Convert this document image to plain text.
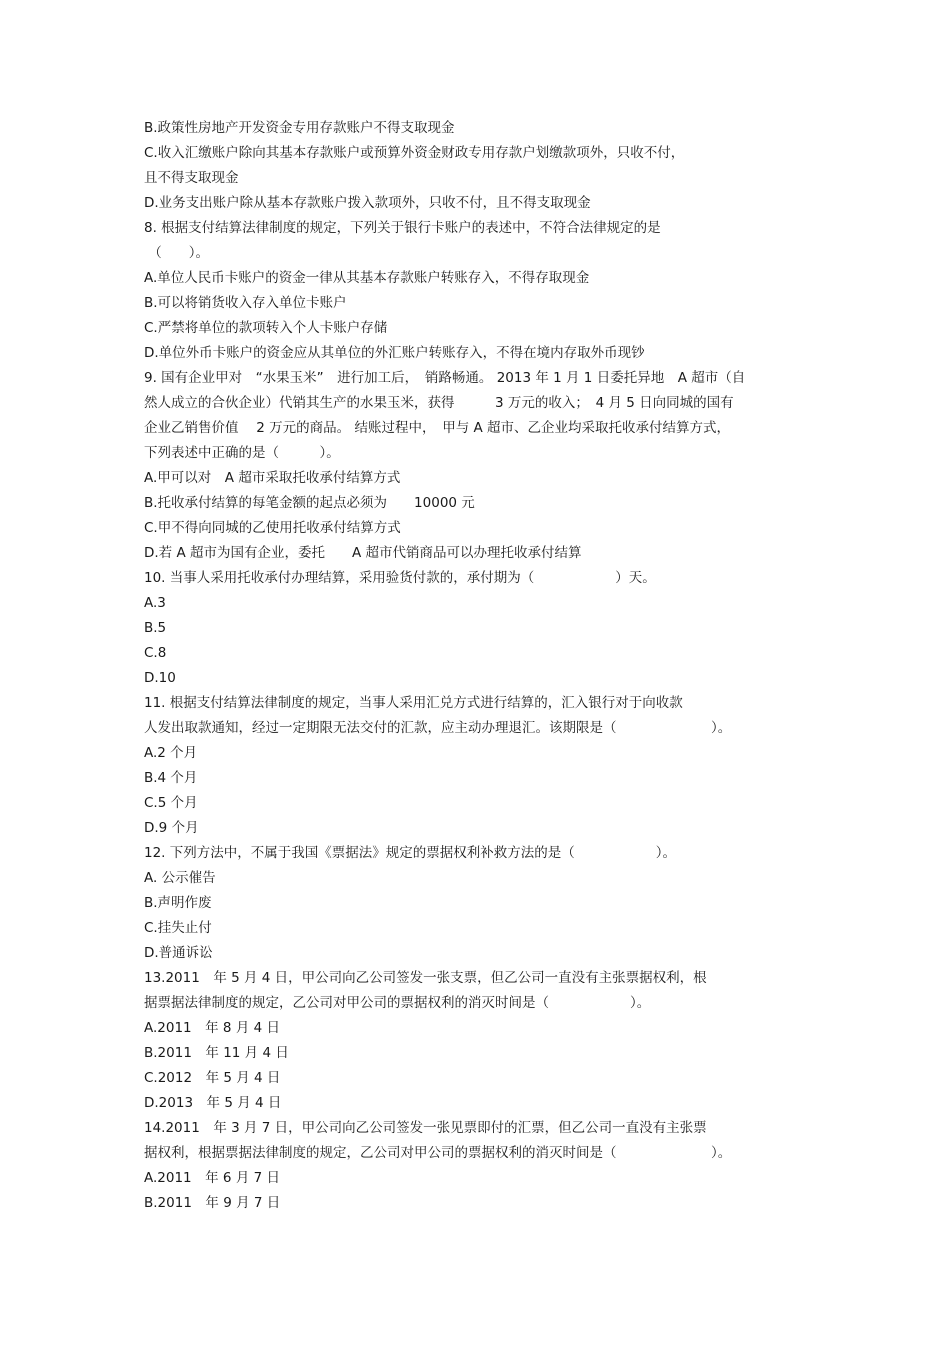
B.政策性房地产开发资金专用存款账户不得支取现金
C.收入汇缴账户除向其基本存款账户或预算外资金财政专用存款户划缴款项外，只收不付，
且不得支取现金
D.业务支出账户除从基本存款账户拨入款项外，只收不付，且不得支取现金
8. 根据支付结算法律制度的规定，下列关于银行卡账户的表述中，不符合法律规定的是
（　　）。
A.单位人民币卡账户的资金一律从其基本存款账户转账存入，不得存取现金
B.可以将销货收入存入单位卡账户
C.严禁将单位的款项转入个人卡账户存储
D.单位外币卡账户的资金应从其单位的外汇账户转账存入，不得在境内存取外币现钞
9. 国有企业甲对　“水果玉米”　进行加工后，　销路畅通。 2013 年 1 月 1 日委托异地　A 超市（自
然人成立的合伙企业）代销其生产的水果玉米，获得　　　3 万元的收入；　4 月 5 日向同城的国有
企业乙销售价值　 2 万元的商品。 结账过程中，　甲与 A 超市、乙企业均采取托收承付结算方式，
下列表述中正确的是（　　　）。
A.甲可以对　A 超市采取托收承付结算方式
B.托收承付结算的每笔金额的起点必须为　　10000 元
C.甲不得向同城的乙使用托收承付结算方式
D.若 A 超市为国有企业，委托　　A 超市代销商品可以办理托收承付结算
10. 当事人采用托收承付办理结算，采用验货付款的，承付期为（　　　　　　）天。
A.3
B.5
C.8
D.10
11. 根据支付结算法律制度的规定，当事人采用汇兑方式进行结算的，汇入银行对于向收款
人发出取款通知，经过一定期限无法交付的汇款，应主动办理退汇。该期限是（　　　　　　　）。
A.2 个月
B.4 个月
C.5 个月
D.9 个月
12. 下列方法中，不属于我国《票据法》规定的票据权利补救方法的是（　　　　　　）。
A. 公示催告
B.声明作废
C.挂失止付
D.普通诉讼
13.2011　年 5 月 4 日，甲公司向乙公司签发一张支票，但乙公司一直没有主张票据权利，根
据票据法律制度的规定，乙公司对甲公司的票据权利的消灭时间是（　　　　　　）。
A.2011　年 8 月 4 日
B.2011　年 11 月 4 日
C.2012　年 5 月 4 日
D.2013　年 5 月 4 日
14.2011　年 3 月 7 日，甲公司向乙公司签发一张见票即付的汇票，但乙公司一直没有主张票
据权利，根据票据法律制度的规定，乙公司对甲公司的票据权利的消灭时间是（　　　　　　　）。
A.2011　年 6 月 7 日
B.2011　年 9 月 7 日
